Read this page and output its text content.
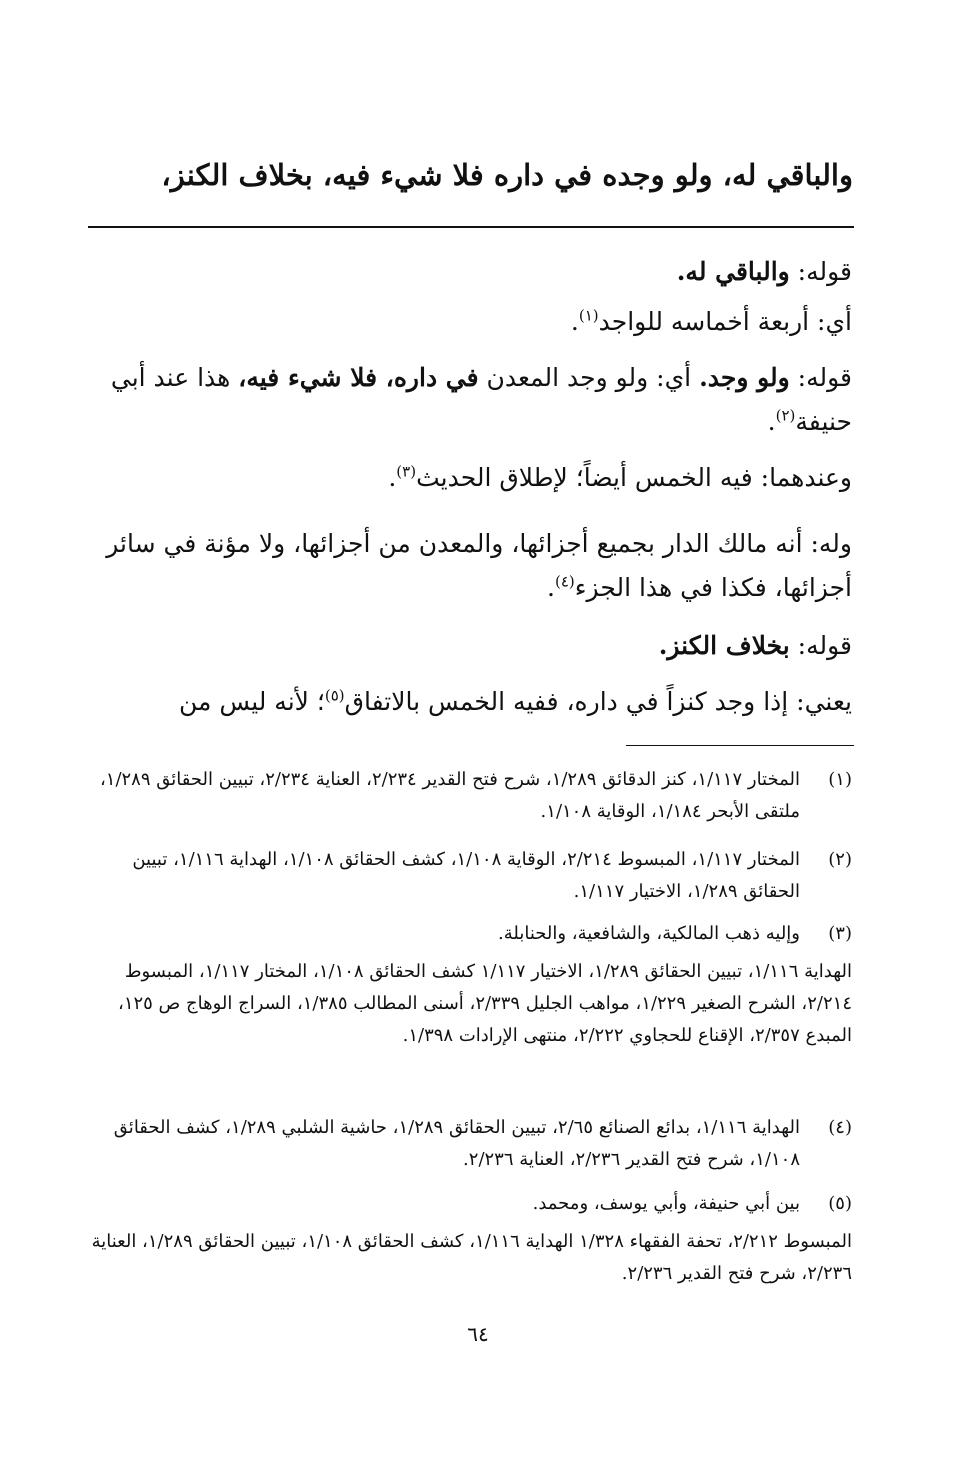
والباقي له، ولو وجده في داره فلا شيء فيه، بخلاف الكنز،
قوله: والباقي له.
أي: أربعة أخماسه للواجد$^{(١)}$.
قوله: ولو وجد. أي: ولو وجد المعدن في داره، فلا شيء فيه، هذا عند أبي حنيفة$^{(٢)}$.
وعندهما: فيه الخمس أيضاً؛ لإطلاق الحديث$^{(٣)}$.
وله: أنه مالك الدار بجميع أجزائها، والمعدن من أجزائها، ولا مؤنة في سائر أجزائها، فكذا في هذا الجزء$^{(٤)}$.
قوله: بخلاف الكنز.
يعني: إذا وجد كنزاً في داره، ففيه الخمس بالاتفاق$^{(٥)}$؛ لأنه ليس من
(١)
المختار ١/١١٧، كنز الدقائق ١/٢٨٩، شرح فتح القدير ٢/٢٣٤، العناية ٢/٢٣٤، تبيين الحقائق ١/٢٨٩، ملتقى الأبحر ١/١٨٤، الوقاية ١/١٠٨.
(٢)
المختار ١/١١٧، المبسوط ٢/٢١٤، الوقاية ١/١٠٨، كشف الحقائق ١/١٠٨، الهداية ١/١١٦، تبيين الحقائق ١/٢٨٩، الاختيار ١/١١٧.
(٣)
وإليه ذهب المالكية، والشافعية، والحنابلة.
الهداية ١/١١٦، تبيين الحقائق ١/٢٨٩، الاختيار ١/١١٧ كشف الحقائق ١/١٠٨، المختار ١/١١٧، المبسوط ٢/٢١٤، الشرح الصغير ١/٢٢٩، مواهب الجليل ٢/٣٣٩، أسنى المطالب ١/٣٨٥، السراج الوهاج ص ١٢٥، المبدع ٢/٣٥٧، الإقناع للحجاوي ٢/٢٢٢، منتهى الإرادات ١/٣٩٨.
(٤)
الهداية ١/١١٦، بدائع الصنائع ٢/٦٥، تبيين الحقائق ١/٢٨٩، حاشية الشلبي ١/٢٨٩، كشف الحقائق ١/١٠٨، شرح فتح القدير ٢/٢٣٦، العناية ٢/٢٣٦.
(٥)
بين أبي حنيفة، وأبي يوسف، ومحمد.
المبسوط ٢/٢١٢، تحفة الفقهاء ١/٣٢٨ الهداية ١/١١٦، كشف الحقائق ١/١٠٨، تبيين الحقائق ١/٢٨٩، العناية ٢/٢٣٦، شرح فتح القدير ٢/٢٣٦.
٦٤
